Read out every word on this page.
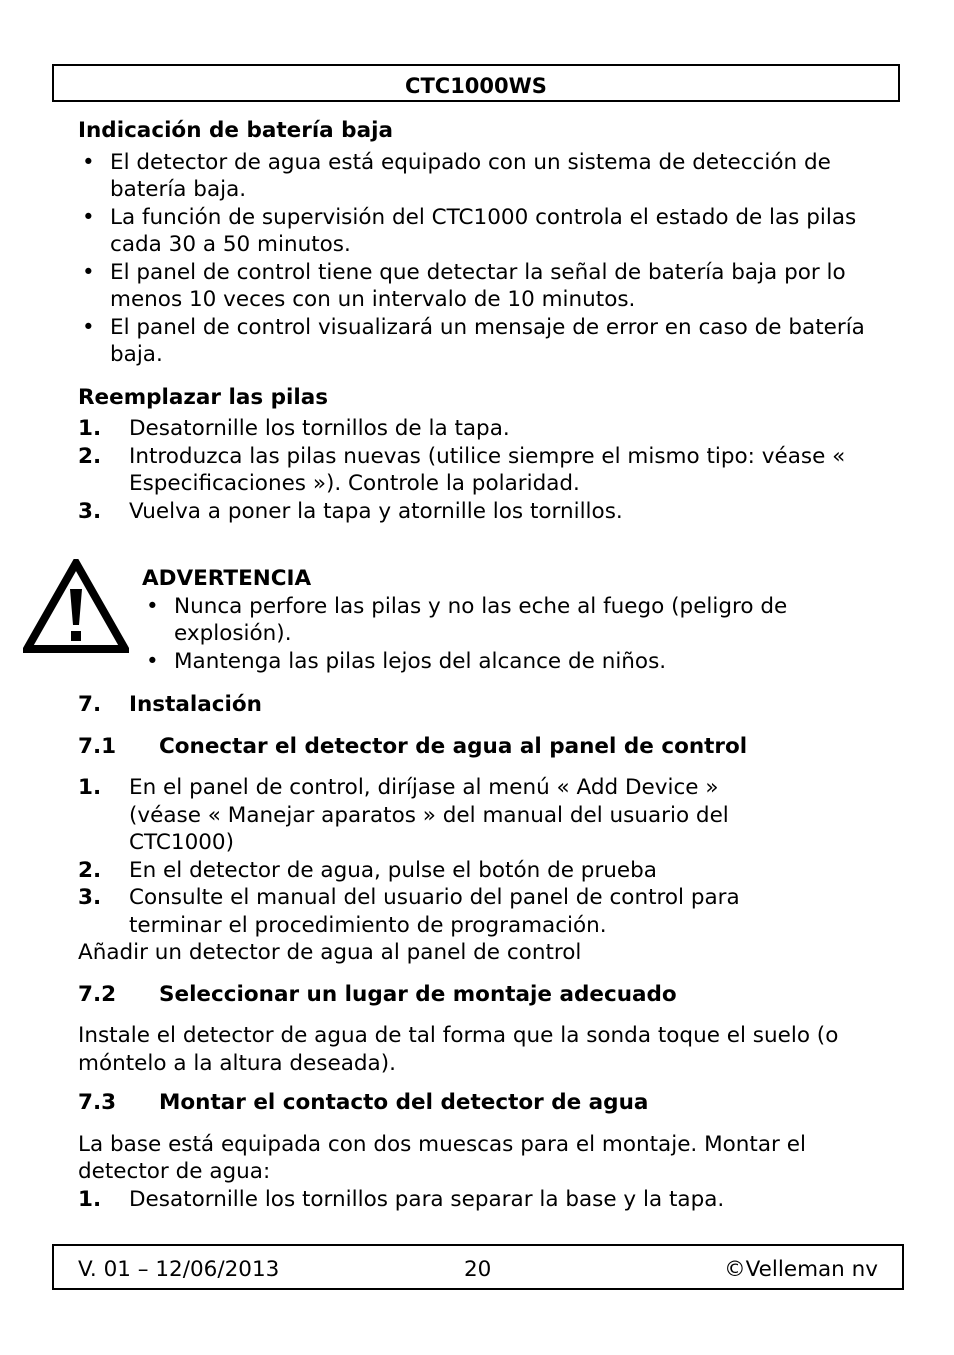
CTC1000WS
Indicación de batería baja
• El detector de agua está equipado con un sistema de detección de batería baja.
• La función de supervisión del CTC1000 controla el estado de las pilas cada 30 a 50 minutos.
• El panel de control tiene que detectar la señal de batería baja por lo menos 10 veces con un intervalo de 10 minutos.
• El panel de control visualizará un mensaje de error en caso de batería baja.
Reemplazar las pilas
1.	Desatornille los tornillos de la tapa.
2.	Introduzca las pilas nuevas (utilice siempre el mismo tipo: véase « Especificaciones »). Controle la polaridad.
3.	Vuelva a poner la tapa y atornille los tornillos.
ADVERTENCIA
• Nunca perfore las pilas y no las eche al fuego (peligro de explosión).
• Mantenga las pilas lejos del alcance de niños.
7.	Instalación
7.1	Conectar el detector de agua al panel de control
1.	En el panel de control, diríjase al menú « Add Device » (véase « Manejar aparatos » del manual del usuario del CTC1000)
2.	En el detector de agua, pulse el botón de prueba
3.	Consulte el manual del usuario del panel de control para terminar el procedimiento de programación.

Añadir un detector de agua al panel de control

7.2	Seleccionar un lugar de montaje adecuado

Instale el detector de agua de tal forma que la sonda toque el suelo (o móntelo a la altura deseada).

7.3	Montar el contacto del detector de agua

La base está equipada con dos muescas para el montaje. Montar el detector de agua:

1.	Desatornille los tornillos para separar la base y la tapa.
V. 01 – 12/06/2013	20	©Velleman nv
